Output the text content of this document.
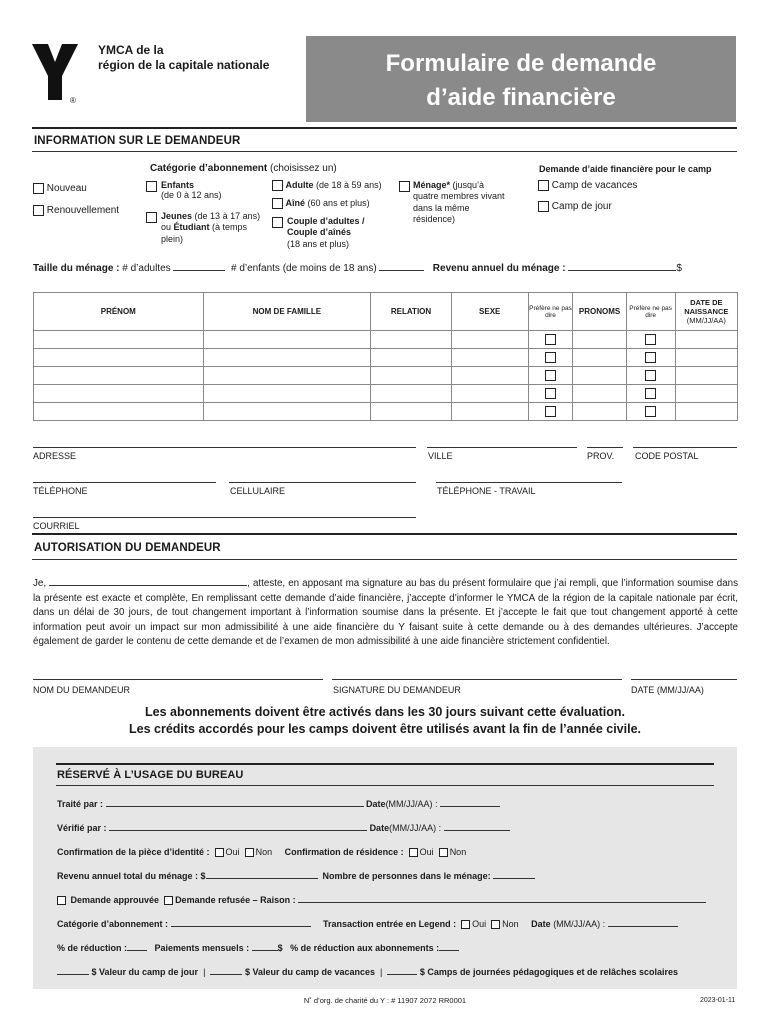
YMCA de la
région de la capitale nationale
®
Formulaire de demande
d’aide financière
INFORMATION SUR LE DEMANDEUR
Nouveau
Renouvellement
Catégorie d’abonnement (choisissez un)
Enfants
(de 0 à 12 ans)
Jeunes (de 13 à 17 ans)
ou Étudiant (à temps plein)
Adulte (de 18 à 59 ans)
Aîné (60 ans et plus)
Couple d’adultes /
Couple d’aînés
(18 ans et plus)
Ménage* (jusqu’à quatre membres vivant dans la même résidence)
Demande d’aide financière pour le camp
Camp de vacances
Camp de jour
Taille du ménage : # d’adultes	# d’enfants (de moins de 18 ans)	Revenu annuel du ménage :	$
PRÉNOM	NOM DE FAMILLE	RELATION	SEXE	Préfère ne pas dire	PRONOMS	Préfère ne pas dire	DATE DE NAISSANCE
(MM/JJ/AA)

ADRESSE	VILLE	PROV. CODE POSTAL
TÉLÉPHONE	CELLULAIRE	TÉLÉPHONE - TRAVAIL
COURRIEL
AUTORISATION DU DEMANDEUR
Je,	, atteste, en apposant ma signature au bas du présent formulaire que j’ai rempli, que l’information soumise dans la présente est exacte et complète, En remplissant cette demande d’aide financière, j’accepte d’informer le YMCA de la région de la capitale nationale par écrit, dans un délai de 30 jours, de tout changement important à l’information soumise dans la présente. Et j’accepte le fait que tout changement apporté à cette information peut avoir un impact sur mon admissibilité à une aide financière du Y faisant suite à cette demande ou à des demandes ultérieures. J’accepte également de garder le contenu de cette demande et de l’examen de mon admissibilité à une aide financière strictement confidentiel.
NOM DU DEMANDEUR	SIGNATURE DU DEMANDEUR	DATE (MM/JJ/AA)
Les abonnements doivent être activés dans les 30 jours suivant cette évaluation.
Les crédits accordés pour les camps doivent être utilisés avant la fin de l’année civile.
RÉSERVÉ À L’USAGE DU BUREAU
Traité par :	Date(MM/JJ/AA) :
Vérifié par :	Date(MM/JJ/AA) :
Confirmation de la pièce d’identité : Oui Non Confirmation de résidence : Oui Non
Revenu annuel total du ménage : $	Nombre de personnes dans le ménage:
Demande approuvée Demande refusée – Raison :
Catégorie d’abonnement :	Transaction entrée en Legend : Oui Non Date (MM/JJ/AA) :
% de réduction :	Paiements mensuels :	$   % de réduction aux abonnements :
$ Valeur du camp de jour |	$ Valeur du camp de vacances |	$ Camps de journées pédagogiques et de relâches scolaires
N˚ d’org. de charité du Y : # 11907 2072 RR0001	2023-01-11
